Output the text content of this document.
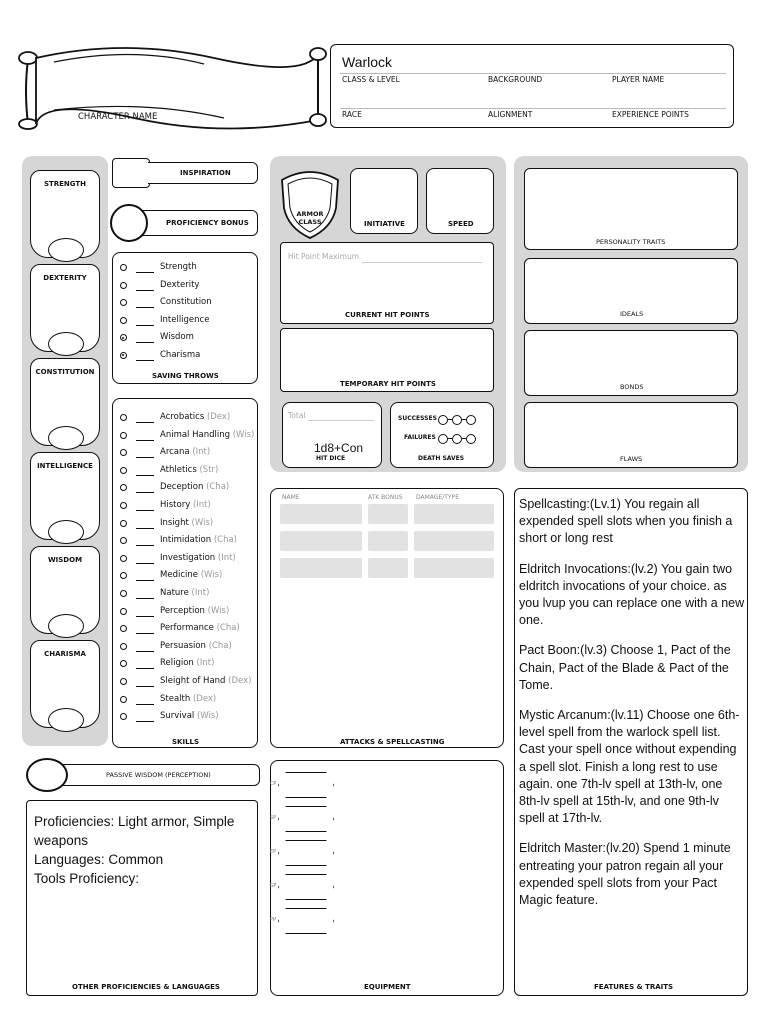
CHARACTER NAME
Warlock
CLASS & LEVEL	BACKGROUND	PLAYER NAME
RACE	ALIGNMENT	EXPERIENCE POINTS
STRENGTH
DEXTERITY
CONSTITUTION
INTELLIGENCE
WISDOM
CHARISMA
INSPIRATION
PROFICIENCY BONUS
Strength
Dexterity
Constitution
Intelligence
Wisdom
Charisma
SAVING THROWS
Acrobatics (Dex)
Animal Handling (Wis)
Arcana (Int)
Athletics (Str)
Deception (Cha)
History (Int)
Insight (Wis)
Intimidation (Cha)
Investigation (Int)
Medicine (Wis)
Nature (Int)
Perception (Wis)
Performance (Cha)
Persuasion (Cha)
Religion (Int)
Sleight of Hand (Dex)
Stealth (Dex)
Survival (Wis)
SKILLS
PASSIVE WISDOM (PERCEPTION)
Proficiencies: Light armor, Simple
weapons
Languages: Common
Tools Proficiency:
OTHER PROFICIENCIES & LANGUAGES
ARMOR CLASS	INITIATIVE	SPEED
Hit Point Maximum
CURRENT HIT POINTS
TEMPORARY HIT POINTS
Total
1d8+Con
HIT DICE
SUCCESSES
FAILURES
DEATH SAVES
NAME	ATK BONUS DAMAGE/TYPE
ATTACKS & SPELLCASTING
CP
SP
EP
GP
PP
EQUIPMENT
PERSONALITY TRAITS
IDEALS
BONDS
FLAWS

Spellcasting:(Lv.1) You regain all expended spell slots when you finish a short or long rest

Eldritch Invocations:(lv.2) You gain two eldritch invocations of your choice. as you lvup you can replace one with a new one.

Pact Boon:(lv.3) Choose 1, Pact of the Chain, Pact of the Blade & Pact of the Tome.

Mystic Arcanum:(lv.11) Choose one 6th-level spell from the warlock spell list. Cast your spell once without expending a spell slot. Finish a long rest to use again. one 7th-lv spell at 13th-lv, one 8th-lv spell at 15th-lv, and one 9th-lv spell at 17th-lv.

Eldritch Master:(lv.20) Spend 1 minute entreating your patron regain all your expended spell slots from your Pact Magic feature.

FEATURES & TRAITS
